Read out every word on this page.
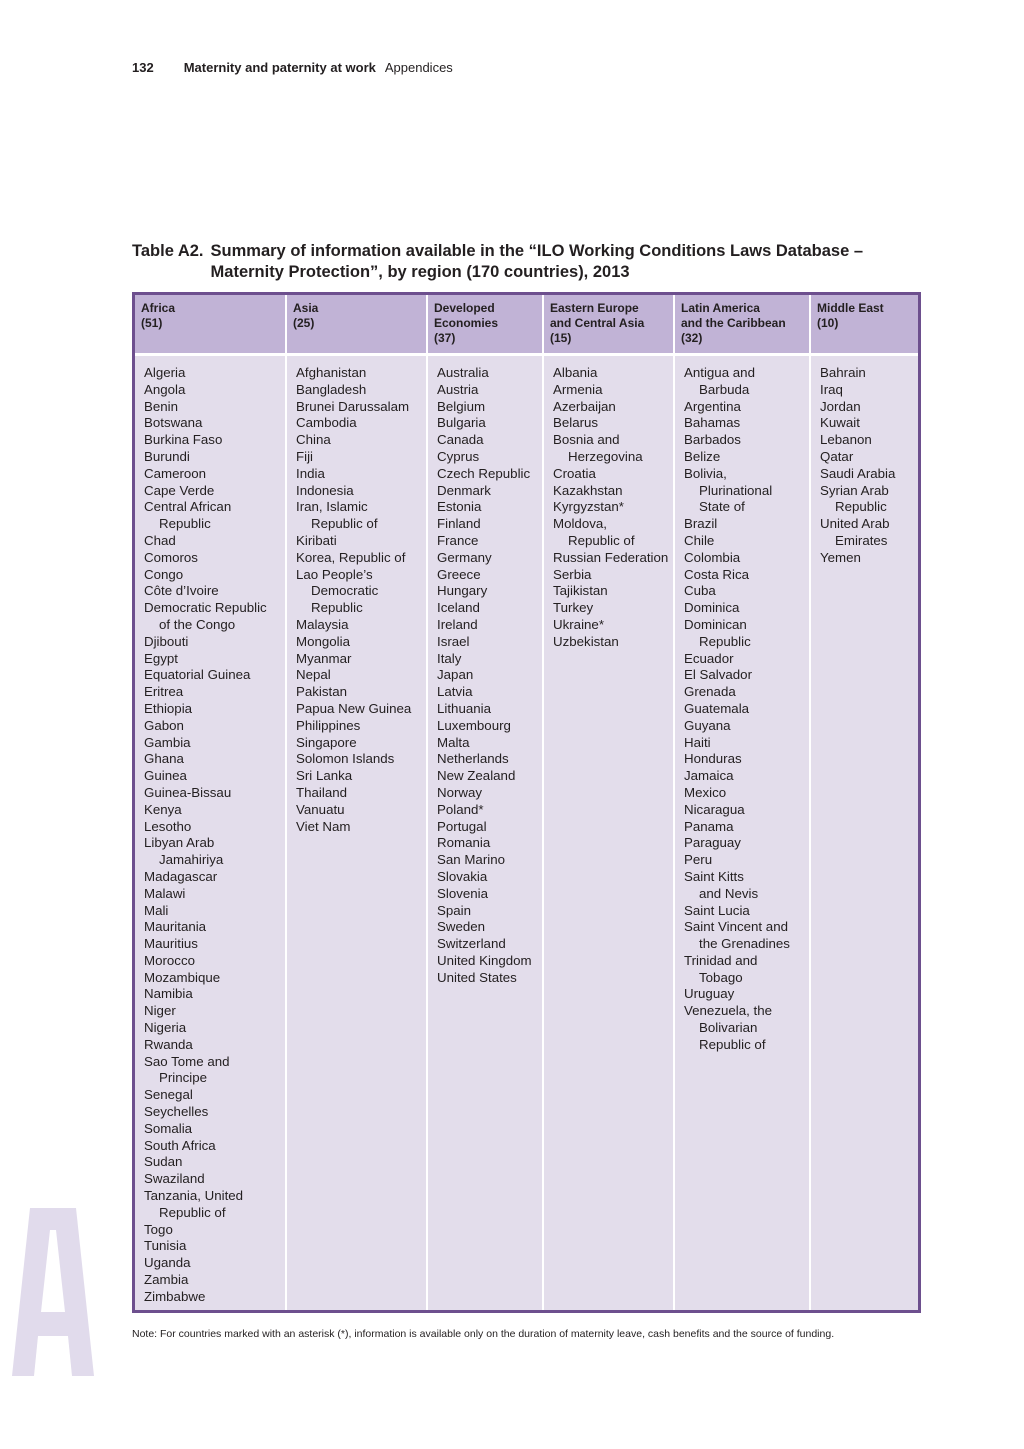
132 Maternity and paternity at work Appendices
Table A2. Summary of information available in the “ILO Working Conditions Laws Database –
Maternity Protection”, by region (170 countries), 2013
Africa
(51)
Algeria
Angola
Benin
Botswana
Burkina Faso
Burundi
Cameroon
Cape Verde
Central African
Republic
Chad
Comoros
Congo
Côte d’Ivoire
Democratic Republic
of the Congo
Djibouti
Egypt
Equatorial Guinea
Eritrea
Ethiopia
Gabon
Gambia
Ghana
Guinea
Guinea-Bissau
Kenya
Lesotho
Libyan Arab
Jamahiriya
Madagascar
Malawi
Mali
Mauritania
Mauritius
Morocco
Mozambique
Namibia
Niger
Nigeria
Rwanda
Sao Tome and
Principe
Senegal
Seychelles
Somalia
South Africa
Sudan
Swaziland
Tanzania, United
Republic of
Togo
Tunisia
Uganda
Zambia
Zimbabwe
Asia
(25)
Afghanistan
Bangladesh
Brunei Darussalam
Cambodia
China
Fiji
India
Indonesia
Iran, Islamic
Republic of
Kiribati
Korea, Republic of
Lao People’s
Democratic
Republic
Malaysia
Mongolia
Myanmar
Nepal
Pakistan
Papua New Guinea
Philippines
Singapore
Solomon Islands
Sri Lanka
Thailand
Vanuatu
Viet Nam
Developed
Economies
(37)
Australia
Austria
Belgium
Bulgaria
Canada
Cyprus
Czech Republic
Denmark
Estonia
Finland
France
Germany
Greece
Hungary
Iceland
Ireland
Israel
Italy
Japan
Latvia
Lithuania
Luxembourg
Malta
Netherlands
New Zealand
Norway
Poland*
Portugal
Romania
San Marino
Slovakia
Slovenia
Spain
Sweden
Switzerland
United Kingdom
United States
Eastern Europe
and Central Asia
(15)
Albania
Armenia
Azerbaijan
Belarus
Bosnia and
Herzegovina
Croatia
Kazakhstan
Kyrgyzstan*
Moldova,
Republic of
Russian Federation
Serbia
Tajikistan
Turkey
Ukraine*
Uzbekistan
Latin America
and the Caribbean
(32)
Antigua and
Barbuda
Argentina
Bahamas
Barbados
Belize
Bolivia,
Plurinational
State of
Brazil
Chile
Colombia
Costa Rica
Cuba
Dominica
Dominican
Republic
Ecuador
El Salvador
Grenada
Guatemala
Guyana
Haiti
Honduras
Jamaica
Mexico
Nicaragua
Panama
Paraguay
Peru
Saint Kitts
and Nevis
Saint Lucia
Saint Vincent and
the Grenadines
Trinidad and
Tobago
Uruguay
Venezuela, the
Bolivarian
Republic of
Middle East
(10)
Bahrain
Iraq
Jordan
Kuwait
Lebanon
Qatar
Saudi Arabia
Syrian Arab
Republic
United Arab
Emirates
Yemen
Note: For countries marked with an asterisk (*), information is available only on the duration of maternity leave, cash benefits and the source of funding.
